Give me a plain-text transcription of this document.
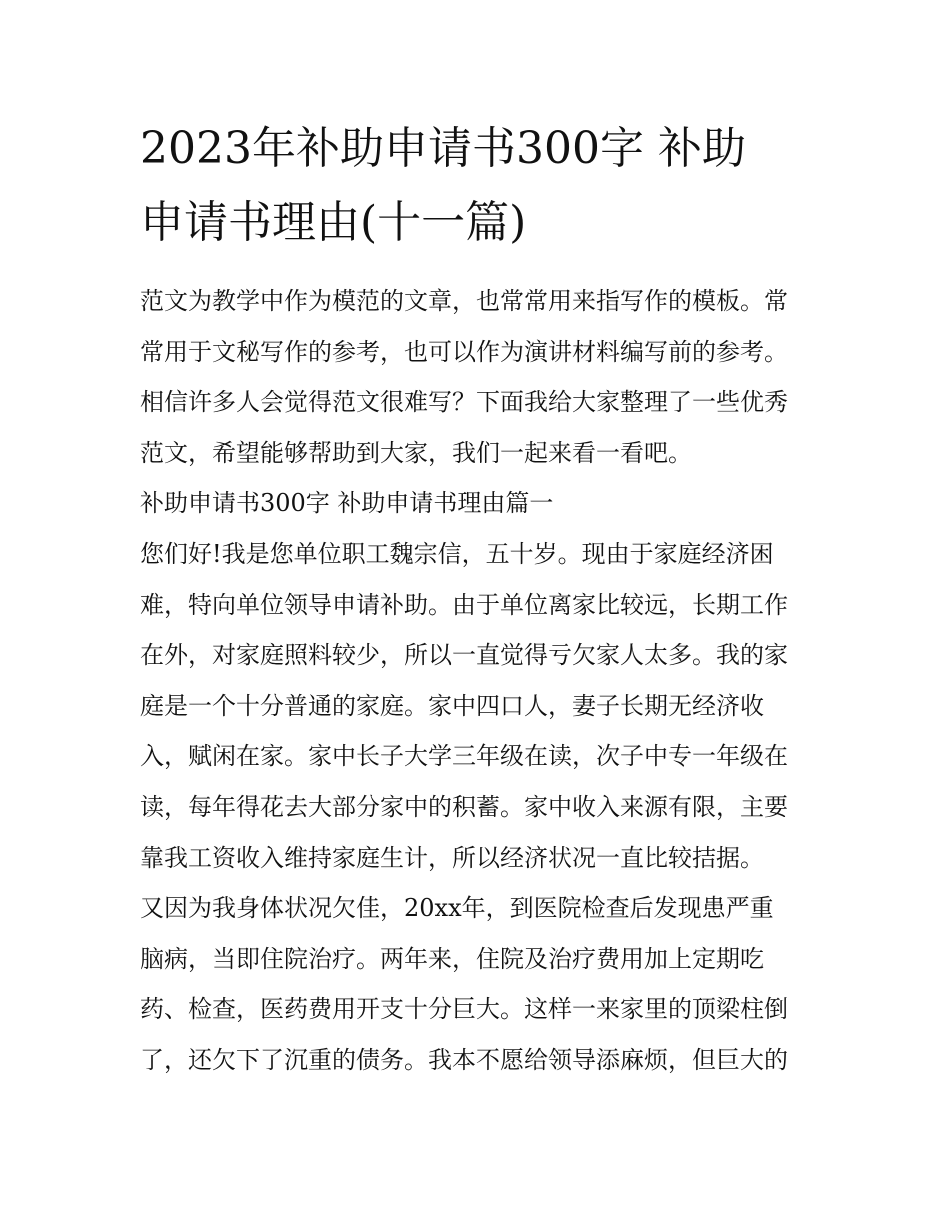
2023年补助申请书300字 补助
申请书理由(十一篇)
范文为教学中作为模范的文章，也常常用来指写作的模板。常
常用于文秘写作的参考，也可以作为演讲材料编写前的参考。
相信许多人会觉得范文很难写？下面我给大家整理了一些优秀
范文，希望能够帮助到大家，我们一起来看一看吧。
补助申请书300字 补助申请书理由篇一
您们好!我是您单位职工魏宗信，五十岁。现由于家庭经济困
难，特向单位领导申请补助。由于单位离家比较远，长期工作
在外，对家庭照料较少，所以一直觉得亏欠家人太多。我的家
庭是一个十分普通的家庭。家中四口人，妻子长期无经济收
入，赋闲在家。家中长子大学三年级在读，次子中专一年级在
读，每年得花去大部分家中的积蓄。家中收入来源有限，主要
靠我工资收入维持家庭生计，所以经济状况一直比较拮据。
又因为我身体状况欠佳，20xx年，到医院检查后发现患严重
脑病，当即住院治疗。两年来，住院及治疗费用加上定期吃
药、检查，医药费用开支十分巨大。这样一来家里的顶梁柱倒
了，还欠下了沉重的债务。我本不愿给领导添麻烦，但巨大的
